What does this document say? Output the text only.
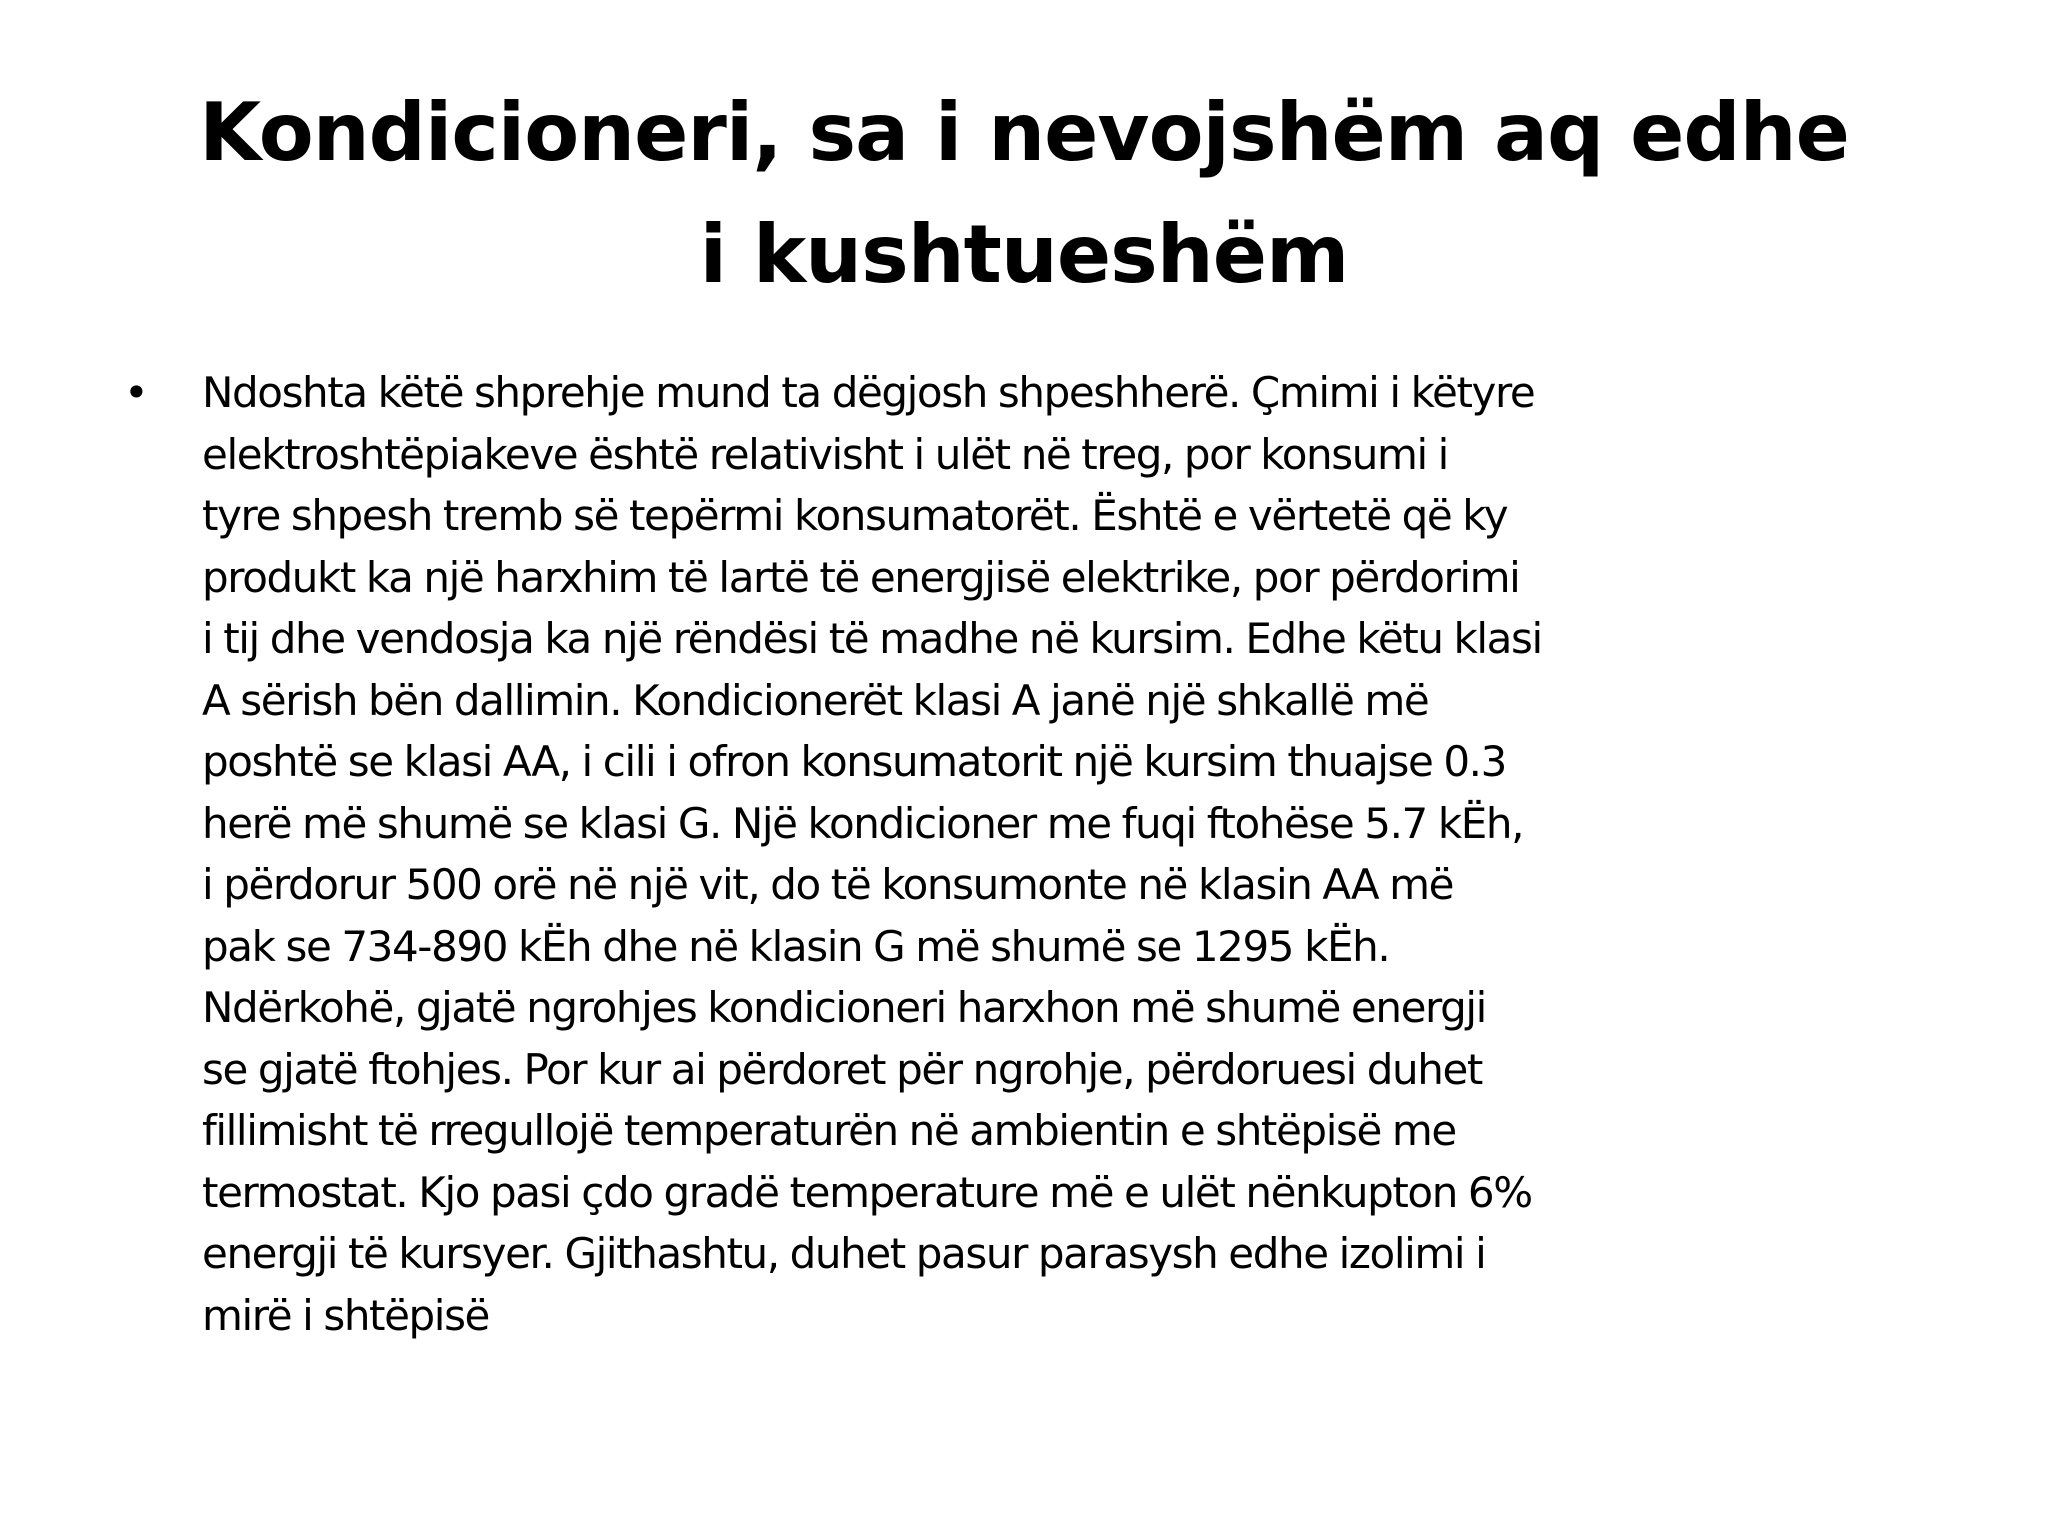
Kondicioneri, sa i nevojshëm aq edhe
i kushtueshëm
• Ndoshta këtë shprehje mund ta dëgjosh shpeshherë. Çmimi i këtyre
elektroshtëpiakeve është relativisht i ulët në treg, por konsumi i
tyre shpesh tremb së tepërmi konsumatorët. Është e vërtetë që ky
produkt ka një harxhim të lartë të energjisë elektrike, por përdorimi
i tij dhe vendosja ka një rëndësi të madhe në kursim. Edhe këtu klasi
A sërish bën dallimin. Kondicionerët klasi A janë një shkallë më
poshtë se klasi AA, i cili i ofron konsumatorit një kursim thuajse 0.3
herë më shumë se klasi G. Një kondicioner me fuqi ftohëse 5.7 kËh,
i përdorur 500 orë në një vit, do të konsumonte në klasin AA më
pak se 734-890 kËh dhe në klasin G më shumë se 1295 kËh.
Ndërkohë, gjatë ngrohjes kondicioneri harxhon më shumë energji
se gjatë ftohjes. Por kur ai përdoret për ngrohje, përdoruesi duhet
fillimisht të rregullojë temperaturën në ambientin e shtëpisë me
termostat. Kjo pasi çdo gradë temperature më e ulët nënkupton 6%
energji të kursyer. Gjithashtu, duhet pasur parasysh edhe izolimi i
mirë i shtëpisë
